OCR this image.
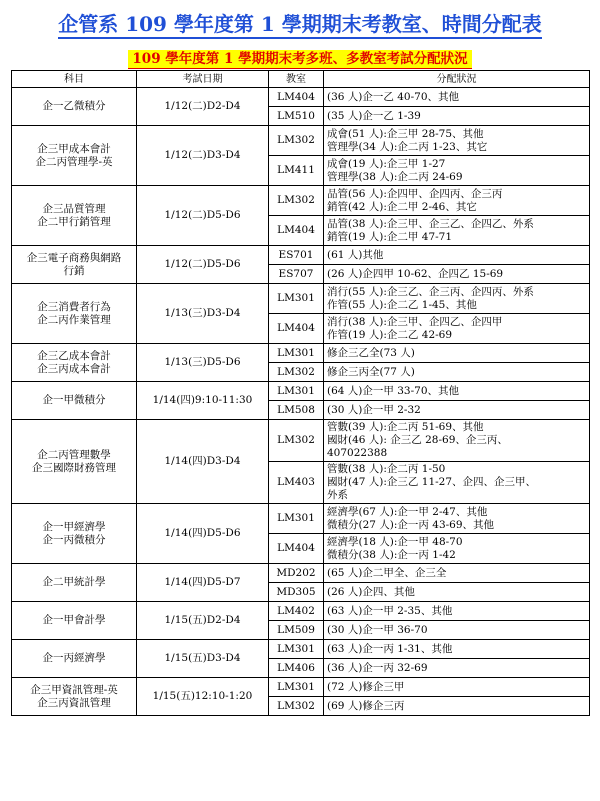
企管系 109 學年度第 1 學期期末考教室、時間分配表
109 學年度第 1 學期期末考多班、多教室考試分配狀況
科目	考試日期	教室	分配狀況

企一乙微積分	1/12(二)D2-D4	LM404	(36 人)企一乙 40-70、其他

		LM510	(35 人)企一乙 1-39

企三甲成本會計
企二丙管理學-英	1/12(二)D3-D4	LM302	成會(51 人):企三甲 28-75、其他
管理學(34 人):企二丙 1-23、其它

		LM411	成會(19 人):企三甲 1-27
管理學(38 人):企二丙 24-69

企三品質管理
企二甲行銷管理	1/12(二)D5-D6	LM302	品管(56 人):企四甲、企四丙、企三丙
銷管(42 人):企二甲 2-46、其它

		LM404	品管(38 人):企三甲、企三乙、企四乙、外系
銷管(19 人):企二甲 47-71

企三電子商務與網路
行銷	1/12(二)D5-D6	ES701	(61 人)其他

		ES707	(26 人)企四甲 10-62、企四乙 15-69

企三消費者行為
企二丙作業管理	1/13(三)D3-D4	LM301	消行(55 人):企三乙、企三丙、企四丙、外系
作管(55 人):企二乙 1-45、其他

		LM404	消行(38 人):企三甲、企四乙、企四甲
作管(19 人):企二乙 42-69

企三乙成本會計
企三丙成本會計	1/13(三)D5-D6	LM301	修企三乙全(73 人)

		LM302	修企三丙全(77 人)

企一甲微積分	1/14(四)9:10-11:30	LM301	(64 人)企一甲 33-70、其他

		LM508	(30 人)企一甲 2-32

企二丙管理數學
企三國際財務管理	1/14(四)D3-D4	LM302	管數(39 人):企二丙 51-69、其他
國財(46 人): 企三乙 28-69、企三丙、
407022388

		LM403	管數(38 人):企二丙 1-50
國財(47 人):企三乙 11-27、企四、企三甲、
外系

企一甲經濟學
企一丙微積分	1/14(四)D5-D6	LM301	經濟學(67 人):企一甲 2-47、其他
微積分(27 人):企一丙 43-69、其他

		LM404	經濟學(18 人):企一甲 48-70
微積分(38 人):企一丙 1-42

企二甲統計學	1/14(四)D5-D7	MD202	(65 人)企二甲全、企三全

		MD305	(26 人)企四、其他

企一甲會計學	1/15(五)D2-D4	LM402	(63 人)企一甲 2-35、其他

		LM509	(30 人)企一甲 36-70

企一丙經濟學	1/15(五)D3-D4	LM301	(63 人)企一丙 1-31、其他

		LM406	(36 人)企一丙 32-69

企三甲資訊管理-英
企三丙資訊管理	1/15(五)12:10-1:20	LM301	(72 人)修企三甲

		LM302	(69 人)修企三丙
